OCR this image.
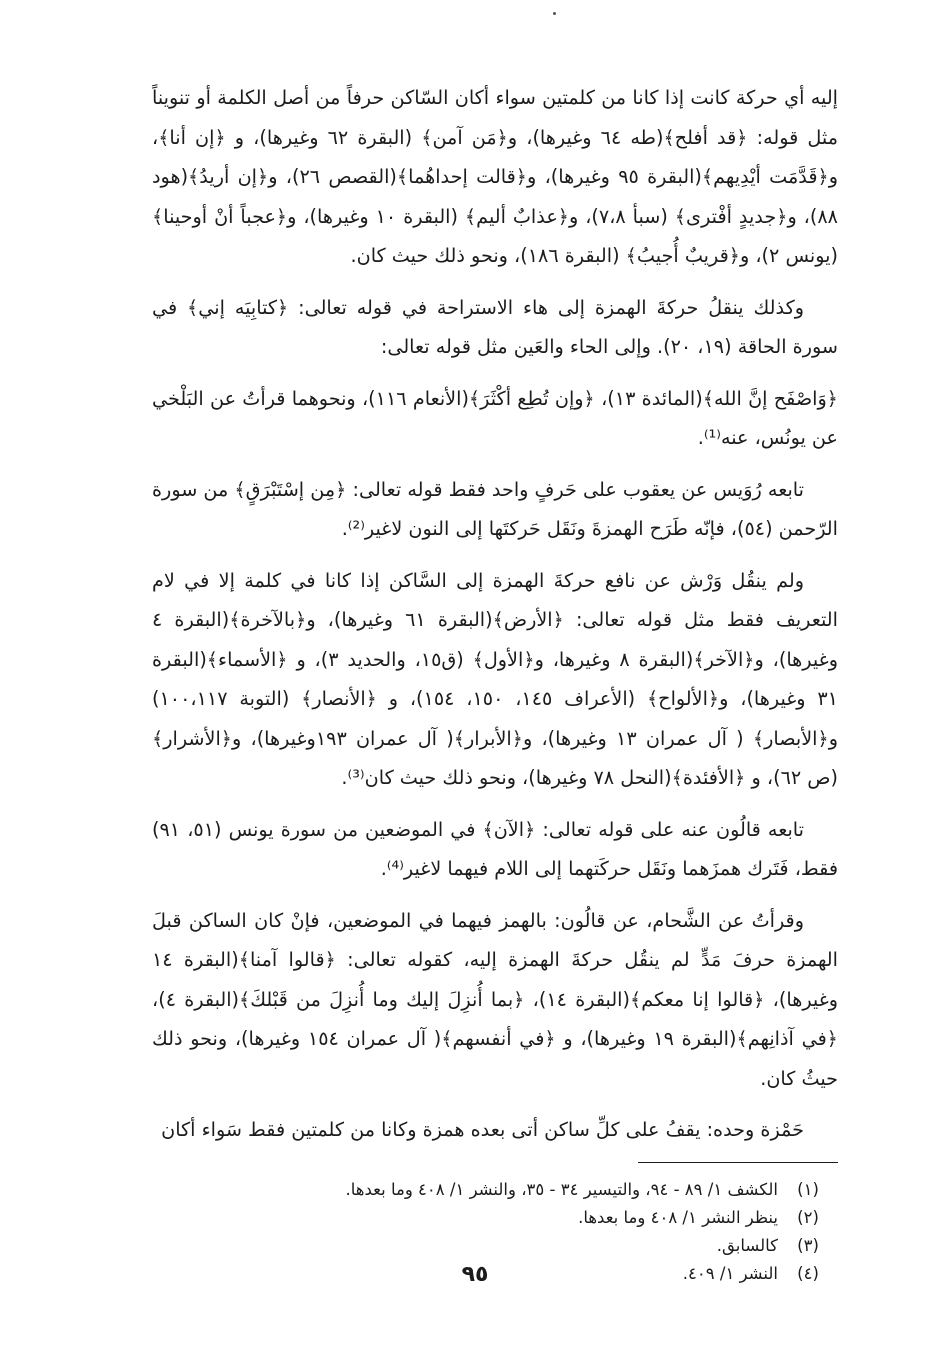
إليه أي حركة كانت إذا كانا من كلمتين سواء أكان السّاكن حرفاً من أصل الكلمة أو تنويناً مثل قوله: ﴿قد أفلح﴾(طه ٦٤ وغيرها)، و﴿مَن آمن﴾ (البقرة ٦٢ وغيرها)، و ﴿إن أنا﴾، و﴿قَدَّمَت أيْدِيهم﴾(البقرة ٩٥ وغيرها)، و﴿قالت إحداهُما﴾(القصص ٢٦)، و﴿إن أريدُ﴾(هود ٨٨)، و﴿جديدٍ أفْترى﴾ (سبأ ٧،٨)، و﴿عذابٌ أليم﴾ (البقرة ١٠ وغيرها)، و﴿عجباً أنْ أوحينا﴾ (يونس ٢)، و﴿قريبٌ أُجيبُ﴾ (البقرة ١٨٦)، ونحو ذلك حيث كان.

وكذلك ينقلُ حركةَ الهمزة إلى هاء الاستراحة في قوله تعالى: ﴿كتابِيَه إني﴾ في سورة الحاقة (١٩، ٢٠). وإلى الحاء والعَين مثل قوله تعالى:

﴿وَاصْفَح إنَّ الله﴾(المائدة ١٣)، ﴿وإن تُطِع أكْثَرَ﴾(الأنعام ١١٦)، ونحوهما قرأتُ عن البَلْخي عن يونُس، عنه⁽¹⁾.

تابعه رُوَيس عن يعقوب على حَرفٍ واحد فقط قوله تعالى: ﴿مِن إسْتَبْرَقٍ﴾ من سورة الرّحمن (٥٤)، فإنّه طَرَح الهمزةَ ونَقَل حَركتَها إلى النون لاغير⁽²⁾.

ولم ينقُل وَرْش عن نافع حركةَ الهمزة إلى السَّاكن إذا كانا في كلمة إلا في لام التعريف فقط مثل قوله تعالى: ﴿الأرض﴾(البقرة ٦١ وغيرها)، و﴿بالآخرة﴾(البقرة ٤ وغيرها)، و﴿الآخر﴾(البقرة ٨ وغيرها، و﴿الأول﴾ (ق١٥، والحديد ٣)، و ﴿الأسماء﴾(البقرة ٣١ وغيرها)، و﴿الألواح﴾ (الأعراف ١٤٥، ١٥٠، ١٥٤)، و ﴿الأنصار﴾ (التوبة ١٠٠،١١٧) و﴿الأبصار﴾ ( آل عمران ١٣ وغيرها)، و﴿الأبرار﴾( آل عمران ١٩٣وغيرها)، و﴿الأشرار﴾ (ص ٦٢)، و ﴿الأفئدة﴾(النحل ٧٨ وغيرها)، ونحو ذلك حيث كان⁽³⁾.

تابعه قالُون عنه على قوله تعالى: ﴿الآن﴾ في الموضعين من سورة يونس (٥١، ٩١) فقط، فَتَرك همزَهما ونَقَل حركَتهما إلى اللام فيهما لاغير⁽⁴⁾.

وقرأتُ عن الشَّحام، عن قالُون: بالهمز فيهما في الموضعين، فإنْ كان الساكن قبلَ الهمزة حرفَ مَدٍّ لم ينقُل حركةَ الهمزة إليه، كقوله تعالى: ﴿قالوا آمنا﴾(البقرة ١٤ وغيرها)، ﴿قالوا إنا معكم﴾(البقرة ١٤)، ﴿بما أُنزِلَ إليك وما أُنزِلَ من قَبْلكَ﴾(البقرة ٤)، ﴿في آذانِهم﴾(البقرة ١٩ وغيرها)، و ﴿في أنفسهم﴾( آل عمران ١٥٤ وغيرها)، ونحو ذلك حيثُ كان.

حَمْزة وحده: يقفُ على كلِّ ساكن أتى بعده همزة وكانا من كلمتين فقط سَواء أكان

(١)
الكشف ١/ ٨٩ - ٩٤، والتيسير ٣٤ - ٣٥، والنشر ١/ ٤٠٨ وما بعدها.
(٢)
ينظر النشر ١/ ٤٠٨ وما بعدها.
(٣)
كالسابق.
(٤)
النشر ١/ ٤٠٩.
٩٥
